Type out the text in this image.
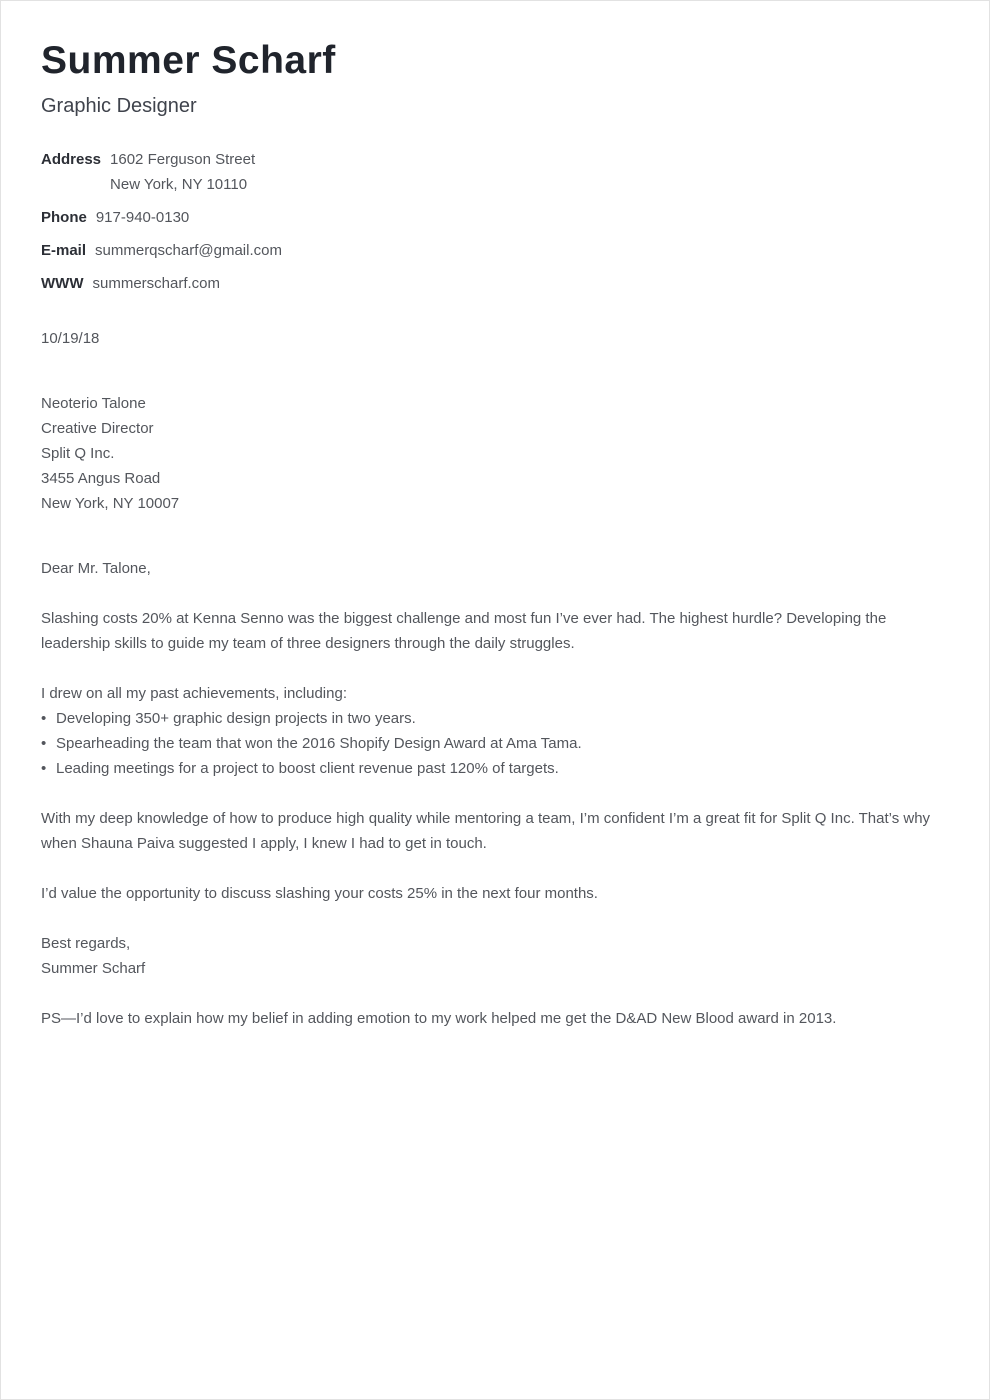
Summer Scharf
Graphic Designer
Address 1602 Ferguson Street
New York, NY 10110
Phone 917-940-0130
E-mail summerqscharf@gmail.com
WWW summerscharf.com
10/19/18
Neoterio Talone
Creative Director
Split Q Inc.
3455 Angus Road
New York, NY 10007
Dear Mr. Talone,

Slashing costs 20% at Kenna Senno was the biggest challenge and most fun I’ve ever had. The highest hurdle? Developing the leadership skills to guide my team of three designers through the daily struggles.

I drew on all my past achievements, including:

• Developing 350+ graphic design projects in two years.
• Spearheading the team that won the 2016 Shopify Design Award at Ama Tama.
• Leading meetings for a project to boost client revenue past 120% of targets.

With my deep knowledge of how to produce high quality while mentoring a team, I’m confident I’m a great fit for Split Q Inc. That’s why when Shauna Paiva suggested I apply, I knew I had to get in touch.

I’d value the opportunity to discuss slashing your costs 25% in the next four months.

Best regards,
Summer Scharf

PS—I’d love to explain how my belief in adding emotion to my work helped me get the D&AD New Blood award in 2013.
